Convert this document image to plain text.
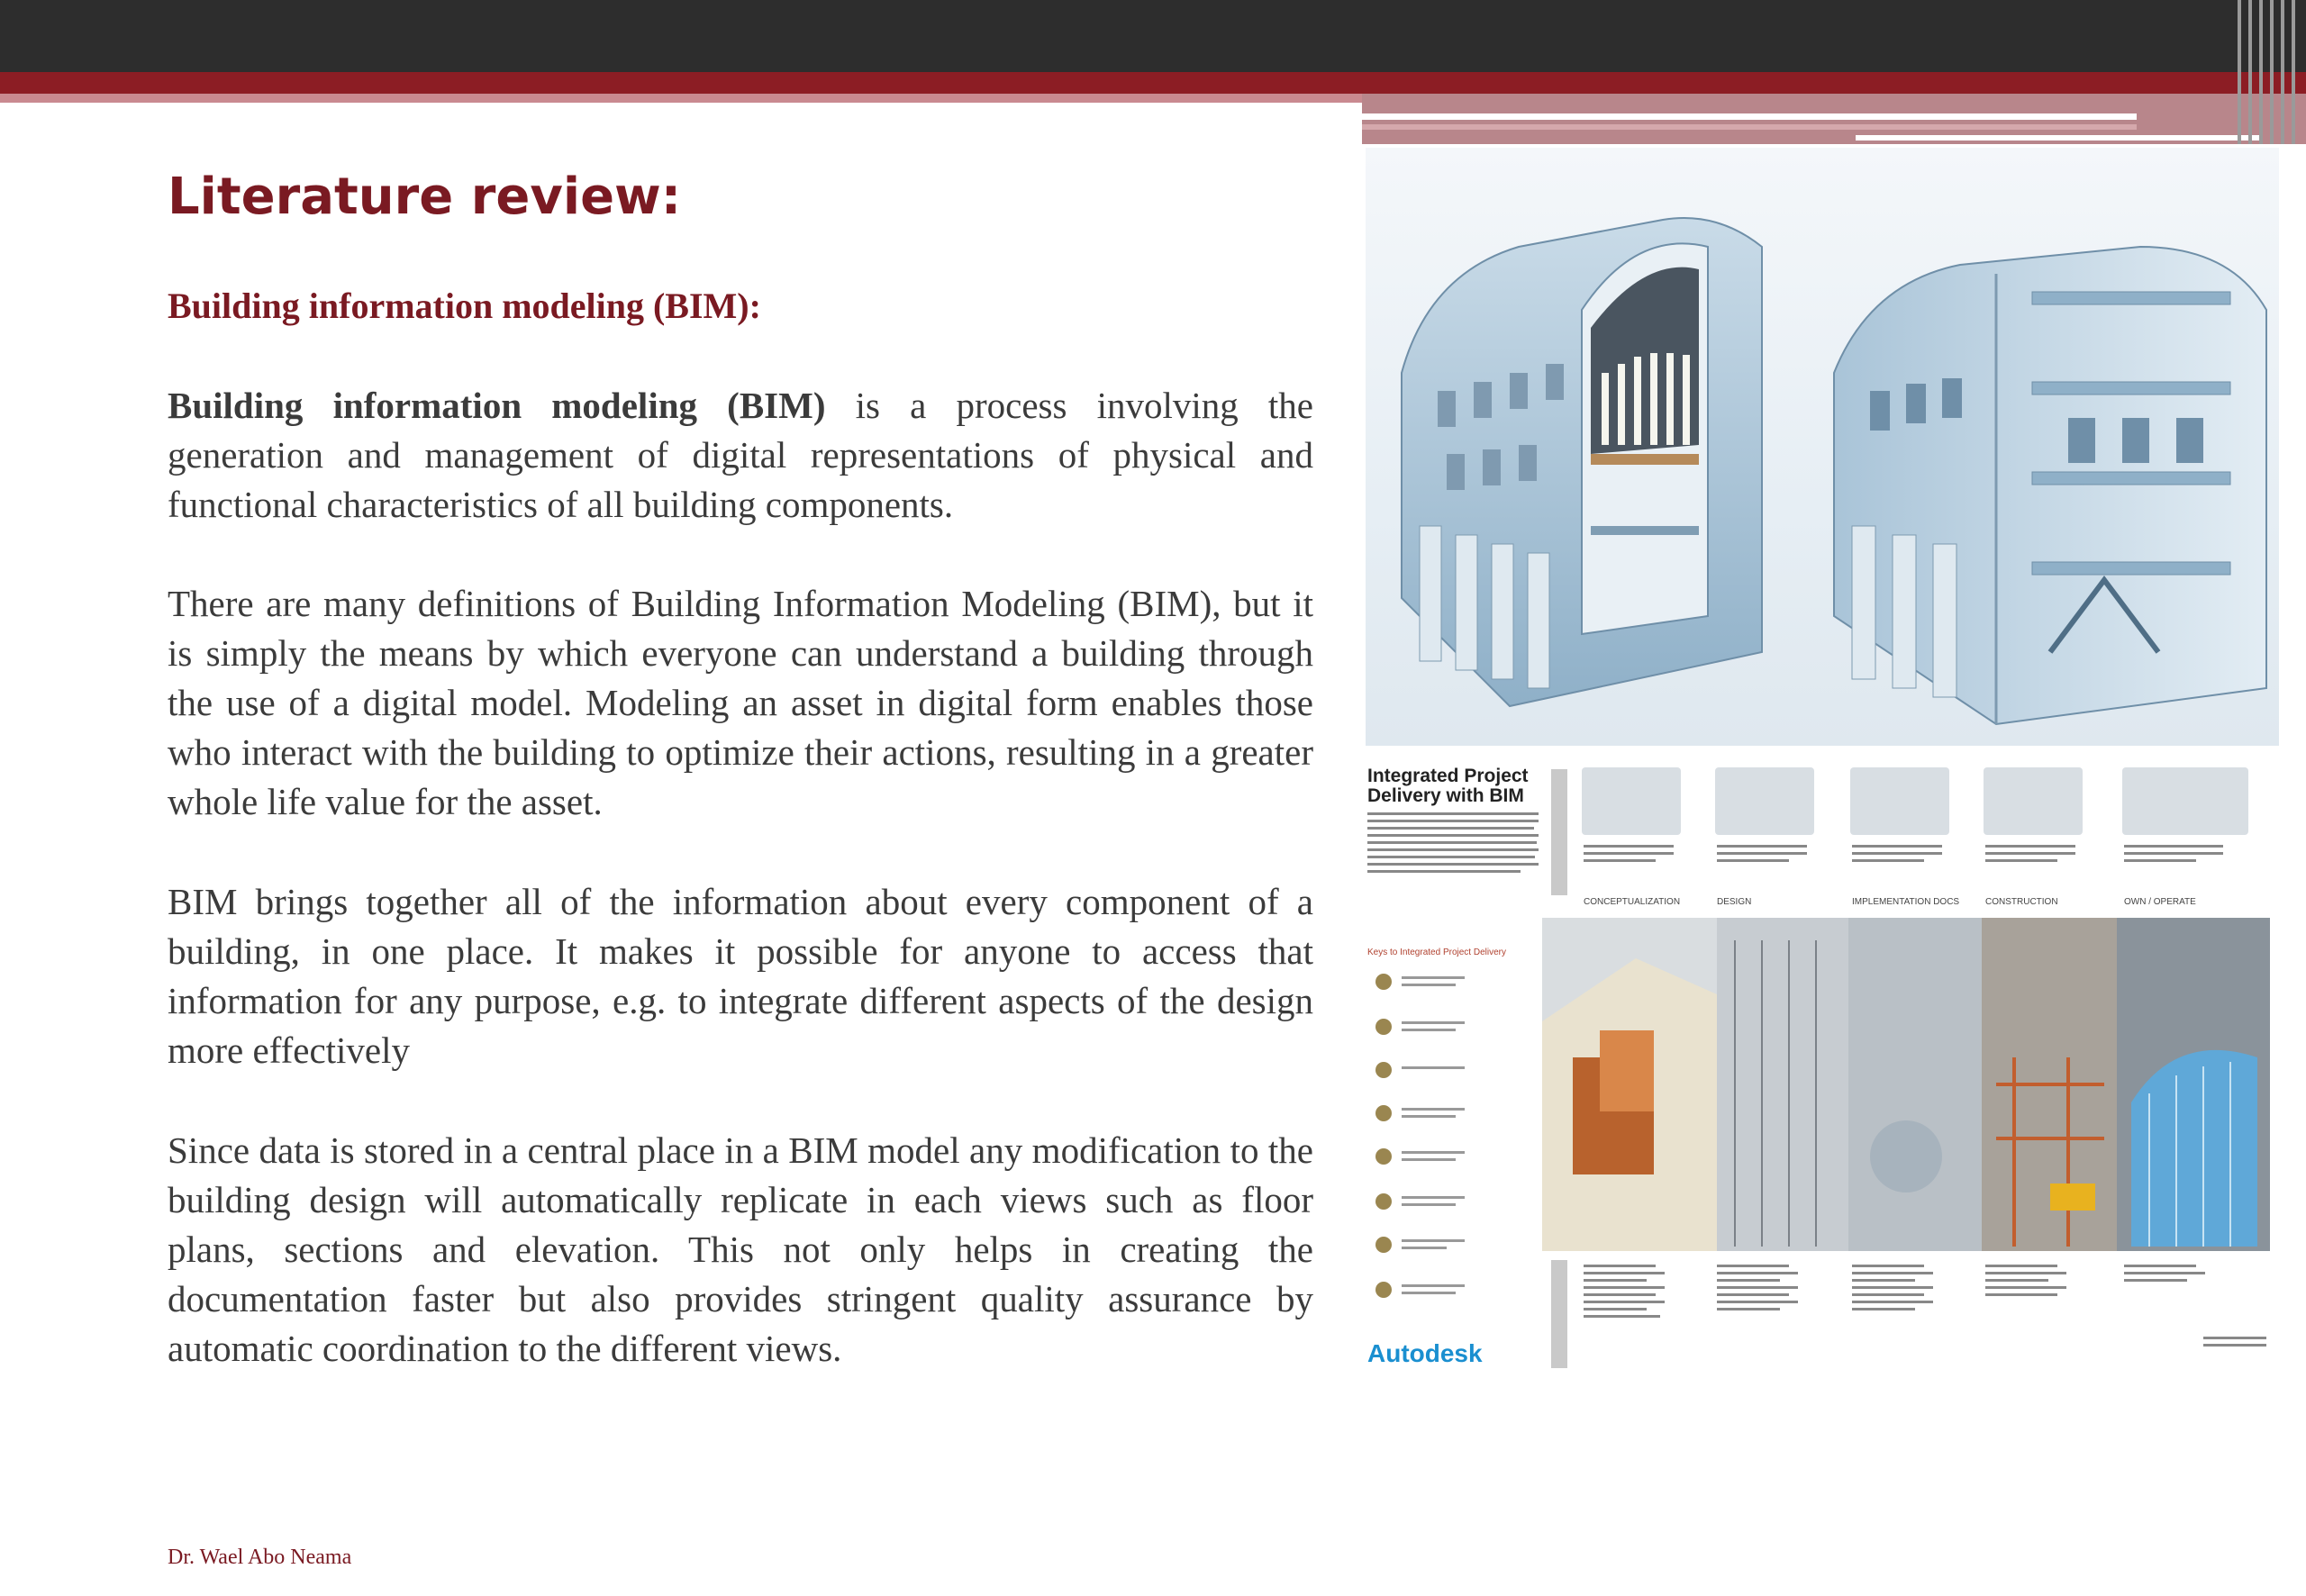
Literature review:
Building information modeling (BIM):

Building information modeling (BIM) is a process involving the generation and management of digital representations of physical and functional characteristics of all building components.

There are many definitions of Building Information Modeling (BIM), but it is simply the means by which everyone can understand a building through the use of a digital model. Modeling an asset in digital form enables those who interact with the building to optimize their actions, resulting in a greater whole life value for the asset.

BIM brings together all of the information about every component of a building, in one place. It makes it possible for anyone to access that information for any purpose, e.g. to integrate different aspects of the design more effectively

Since data is stored in a central place in a BIM model any modification to the building design will automatically replicate in each views such as floor plans, sections and elevation. This not only helps in creating the documentation faster but also provides stringent quality assurance by automatic coordination to the different views.

Dr. Wael Abo Neama
Integrated Project
Delivery with BIM
CONCEPTUALIZATION	DESIGN	IMPLEMENTATION DOCS	CONSTRUCTION	OWN / OPERATE
Keys to Integrated Project Delivery
Autodesk
